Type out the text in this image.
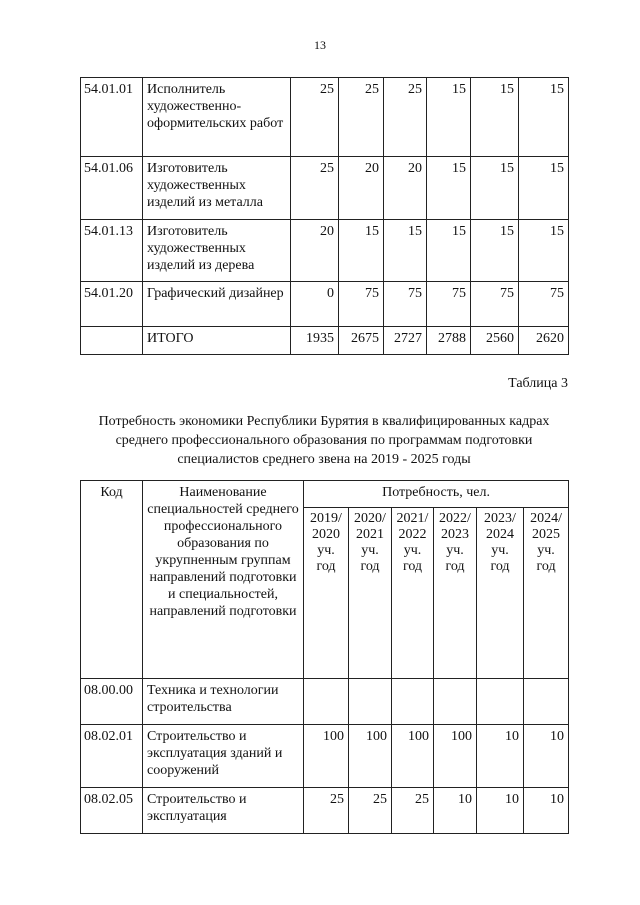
13
54.01.01	Исполнитель художественно-оформительских работ	25	25	25	15	15	15
54.01.06	Изготовитель художественных изделий из металла	25	20	20	15	15	15
54.01.13	Изготовитель художественных изделий из дерева	20	15	15	15	15	15
54.01.20	Графический дизайнер	0	75	75	75	75	75
	ИТОГО	1935	2675	2727	2788	2560	2620
Таблица 3
Потребность экономики Республики Бурятия в квалифицированных кадрах среднего профессионального образования по программам подготовки специалистов среднего звена на 2019 - 2025 годы
Код	Наименование специальностей среднего профессионального образования по укрупненным группам направлений подготовки и специальностей, направлений подготовки	Потребность, чел.					
		2019/ 2020 уч. год	2020/ 2021 уч. год	2021/ 2022 уч. год	2022/ 2023 уч. год	2023/ 2024 уч. год	2024/ 2025 уч. год
08.00.00	Техника и технологии строительства						
08.02.01	Строительство и эксплуатация зданий и сооружений	100	100	100	100	10	10
08.02.05	Строительство и эксплуатация	25	25	25	10	10	10
